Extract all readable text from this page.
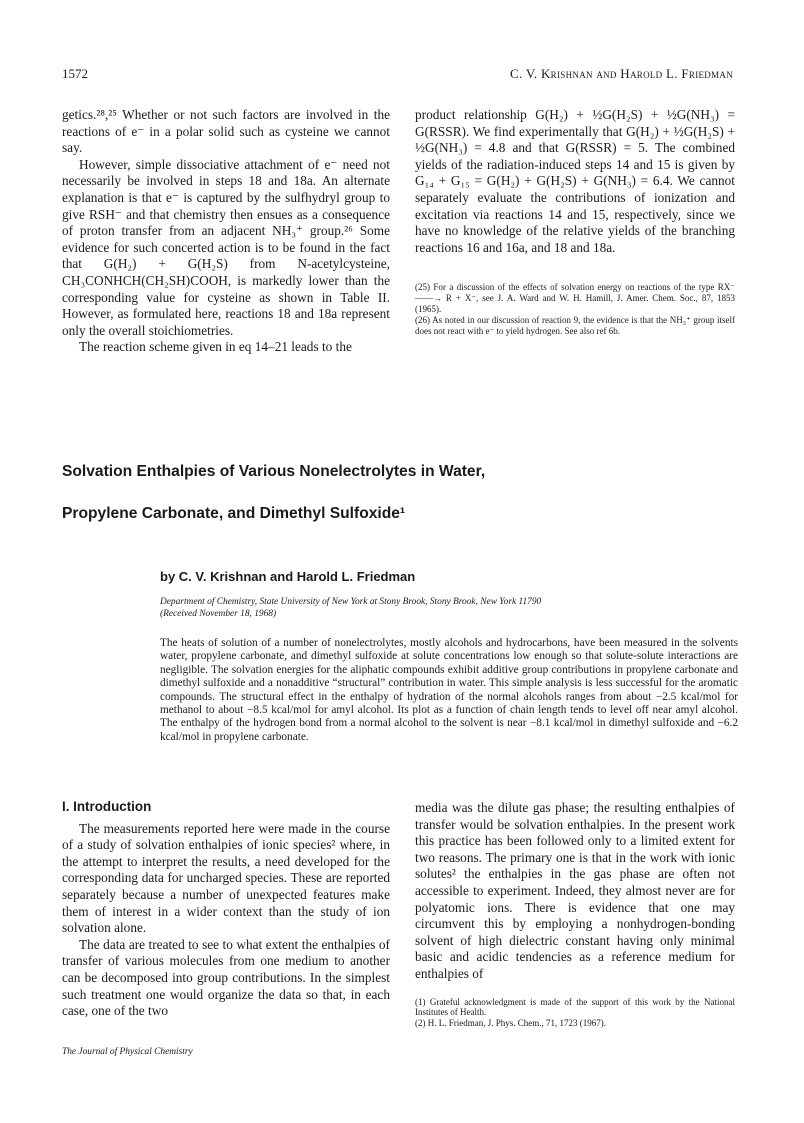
1572	C. V. Krishnan and Harold L. Friedman

getics.²⁸,²⁵ Whether or not such factors are involved in the reactions of e⁻ in a polar solid such as cysteine we cannot say.

However, simple dissociative attachment of e⁻ need not necessarily be involved in steps 18 and 18a. An alternate explanation is that e⁻ is captured by the sulfhydryl group to give RSH⁻ and that chemistry then ensues as a consequence of proton transfer from an adjacent NH₃⁺ group.²⁶ Some evidence for such concerted action is to be found in the fact that G(H₂) + G(H₂S) from N-acetylcysteine, CH₃CONHCH(CH₂SH)COOH, is markedly lower than the corresponding value for cysteine as shown in Table II. However, as formulated here, reactions 18 and 18a represent only the overall stoichiometries.

The reaction scheme given in eq 14–21 leads to the

product relationship G(H₂) + ½G(H₂S) + ½G(NH₃) = G(RSSR). We find experimentally that G(H₂) + ½G(H₂S) + ½G(NH₃) = 4.8 and that G(RSSR) = 5. The combined yields of the radiation-induced steps 14 and 15 is given by G₁₄ + G₁₅ = G(H₂) + G(H₂S) + G(NH₃) = 6.4. We cannot separately evaluate the contributions of ionization and excitation via reactions 14 and 15, respectively, since we have no knowledge of the relative yields of the branching reactions 16 and 16a, and 18 and 18a.

(25) For a discussion of the effects of solvation energy on reactions of the type RX⁻ ——→ R + X⁻, see J. A. Ward and W. H. Hamill, J. Amer. Chem. Soc., 87, 1853 (1965).

(26) As noted in our discussion of reaction 9, the evidence is that the NH₃⁺ group itself does not react with e⁻ to yield hydrogen. See also ref 6b.

Solvation Enthalpies of Various Nonelectrolytes in Water,
Propylene Carbonate, and Dimethyl Sulfoxide¹
by C. V. Krishnan and Harold L. Friedman
Department of Chemistry, State University of New York at Stony Brook, Stony Brook, New York 11790
(Received November 18, 1968)
The heats of solution of a number of nonelectrolytes, mostly alcohols and hydrocarbons, have been measured in the solvents water, propylene carbonate, and dimethyl sulfoxide at solute concentrations low enough so that solute-solute interactions are negligible. The solvation energies for the aliphatic compounds exhibit additive group contributions in propylene carbonate and dimethyl sulfoxide and a nonadditive “structural” contribution in water. This simple analysis is less successful for the aromatic compounds. The structural effect in the enthalpy of hydration of the normal alcohols ranges from about −2.5 kcal/mol for methanol to about −8.5 kcal/mol for amyl alcohol. Its plot as a function of chain length tends to level off near amyl alcohol. The enthalpy of the hydrogen bond from a normal alcohol to the solvent is near −8.1 kcal/mol in dimethyl sulfoxide and −6.2 kcal/mol in propylene carbonate.
I. Introduction

The measurements reported here were made in the course of a study of solvation enthalpies of ionic species² where, in the attempt to interpret the results, a need developed for the corresponding data for uncharged species. These are reported separately because a number of unexpected features make them of interest in a wider context than the study of ion solvation alone.

The data are treated to see to what extent the enthalpies of transfer of various molecules from one medium to another can be decomposed into group contributions. In the simplest such treatment one would organize the data so that, in each case, one of the two

media was the dilute gas phase; the resulting enthalpies of transfer would be solvation enthalpies. In the present work this practice has been followed only to a limited extent for two reasons. The primary one is that in the work with ionic solutes² the enthalpies in the gas phase are often not accessible to experiment. Indeed, they almost never are for polyatomic ions. There is evidence that one may circumvent this by employing a nonhydrogen-bonding solvent of high dielectric constant having only minimal basic and acidic tendencies as a reference medium for enthalpies of

(1) Grateful acknowledgment is made of the support of this work by the National Institutes of Health.

(2) H. L. Friedman, J. Phys. Chem., 71, 1723 (1967).

The Journal of Physical Chemistry
